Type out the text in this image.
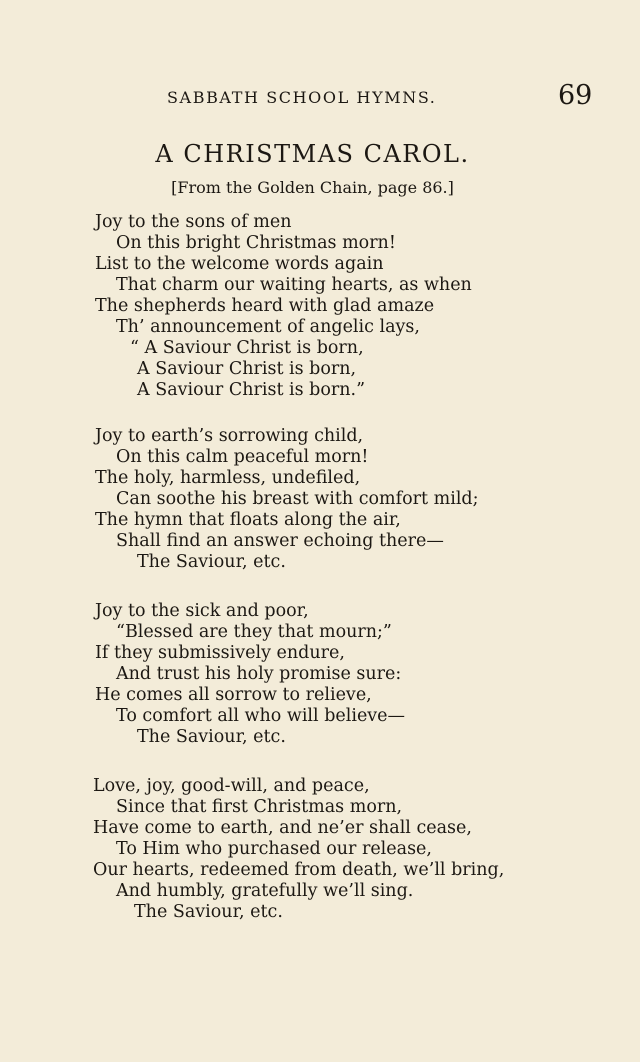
SABBATH SCHOOL HYMNS.	69
A CHRISTMAS CAROL.
[From the Golden Chain, page 86.]
Joy to the sons of men
On this bright Christmas morn!
List to the welcome words again
That charm our waiting hearts, as when
The shepherds heard with glad amaze
Th’ announcement of angelic lays,
“ A Saviour Christ is born,
A Saviour Christ is born,
A Saviour Christ is born.”
Joy to earth’s sorrowing child,
On this calm peaceful morn!
The holy, harmless, undefiled,
Can soothe his breast with comfort mild;
The hymn that floats along the air,
Shall find an answer echoing there—
The Saviour, etc.
Joy to the sick and poor,
“Blessed are they that mourn;”
If they submissively endure,
And trust his holy promise sure:
He comes all sorrow to relieve,
To comfort all who will believe—
The Saviour, etc.
Love, joy, good-will, and peace,
Since that first Christmas morn,
Have come to earth, and ne’er shall cease,
To Him who purchased our release,
Our hearts, redeemed from death, we’ll bring,
And humbly, gratefully we’ll sing.
The Saviour, etc.
